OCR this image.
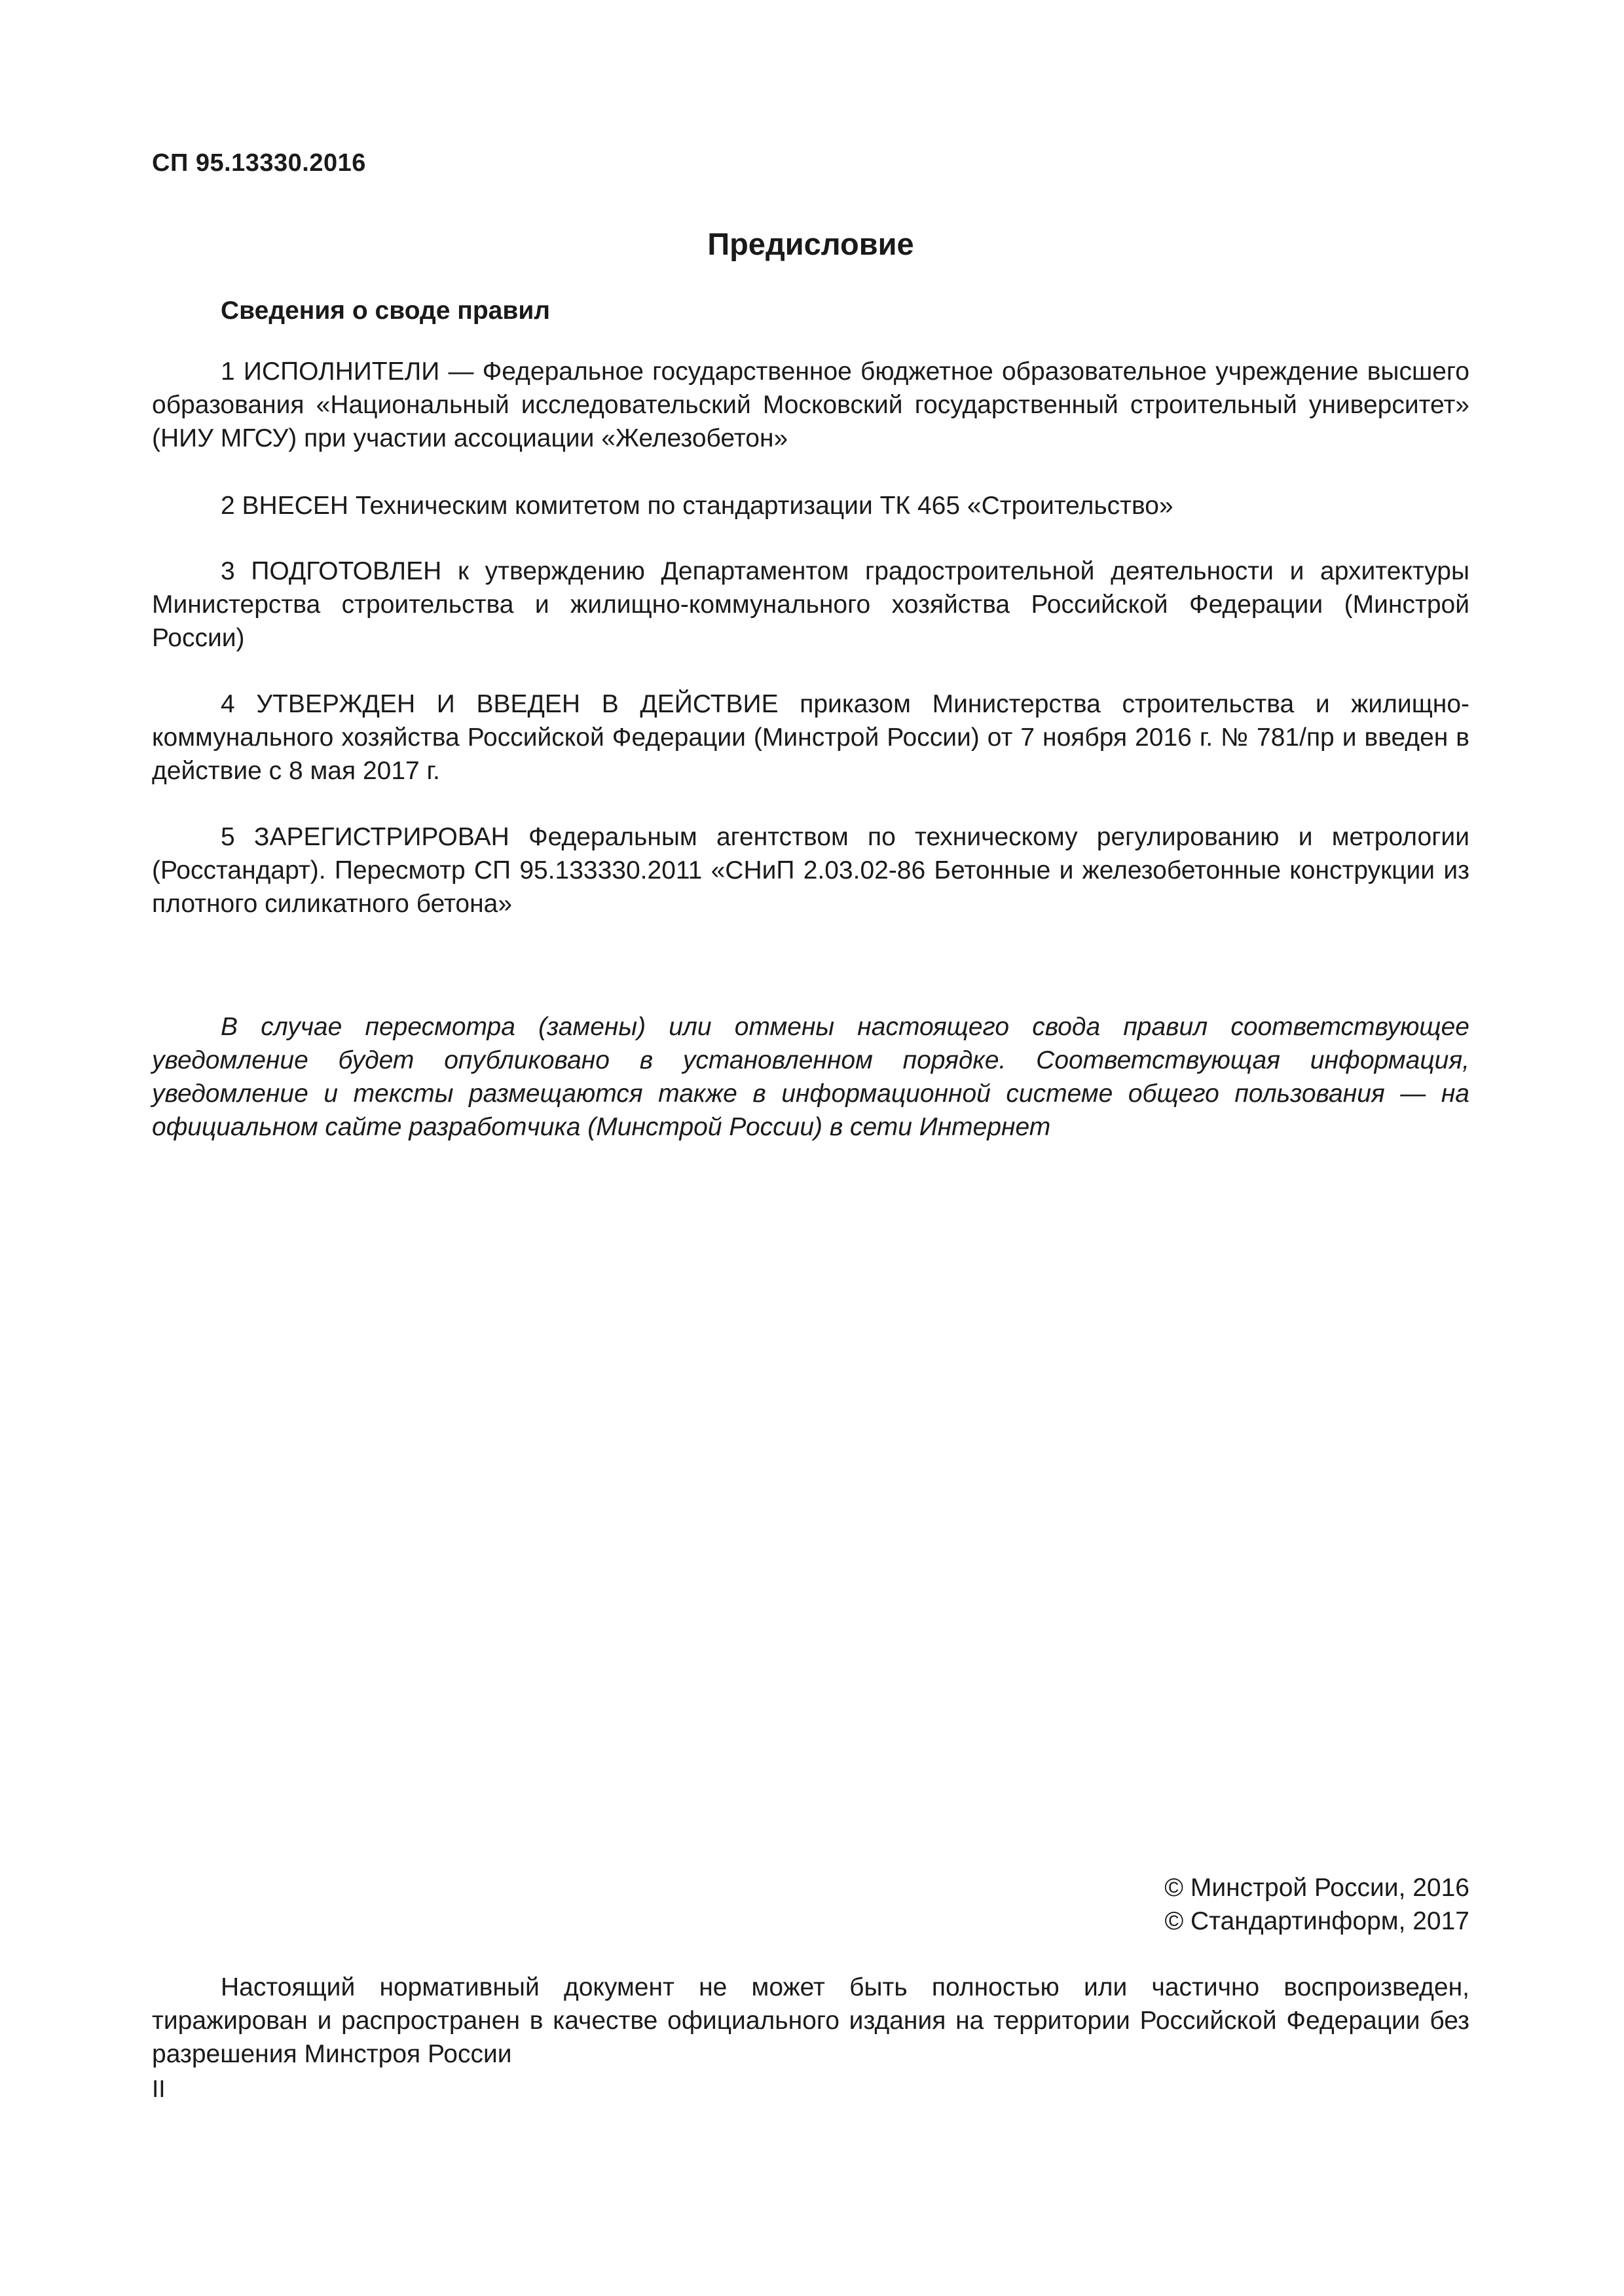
СП 95.13330.2016
Предисловие
Сведения о своде правил

1 ИСПОЛНИТЕЛИ — Федеральное государственное бюджетное образовательное учреждение высшего образования «Национальный исследовательский Московский государственный строительный университет» (НИУ МГСУ) при участии ассоциации «Железобетон»

2 ВНЕСЕН Техническим комитетом по стандартизации ТК 465 «Строительство»

3 ПОДГОТОВЛЕН к утверждению Департаментом градостроительной деятельности и архитектуры Министерства строительства и жилищно-коммунального хозяйства Российской Федерации (Минстрой России)

4 УТВЕРЖДЕН И ВВЕДЕН В ДЕЙСТВИЕ приказом Министерства строительства и жилищно-коммунального хозяйства Российской Федерации (Минстрой России) от 7 ноября 2016 г. № 781/пр и введен в действие с 8 мая 2017 г.

5 ЗАРЕГИСТРИРОВАН Федеральным агентством по техническому регулированию и метрологии (Росстандарт). Пересмотр СП 95.133330.2011 «СНиП 2.03.02-86 Бетонные и железобетонные конструкции из плотного силикатного бетона»

В случае пересмотра (замены) или отмены настоящего свода правил соответствующее уведомление будет опубликовано в установленном порядке. Соответствующая информация, уведомление и тексты размещаются также в информационной системе общего пользования — на официальном сайте разработчика (Минстрой России) в сети Интернет

© Минстрой России, 2016
© Стандартинформ, 2017

Настоящий нормативный документ не может быть полностью или частично воспроизведен, тиражирован и распространен в качестве официального издания на территории Российской Федерации без разрешения Минстроя России

II
